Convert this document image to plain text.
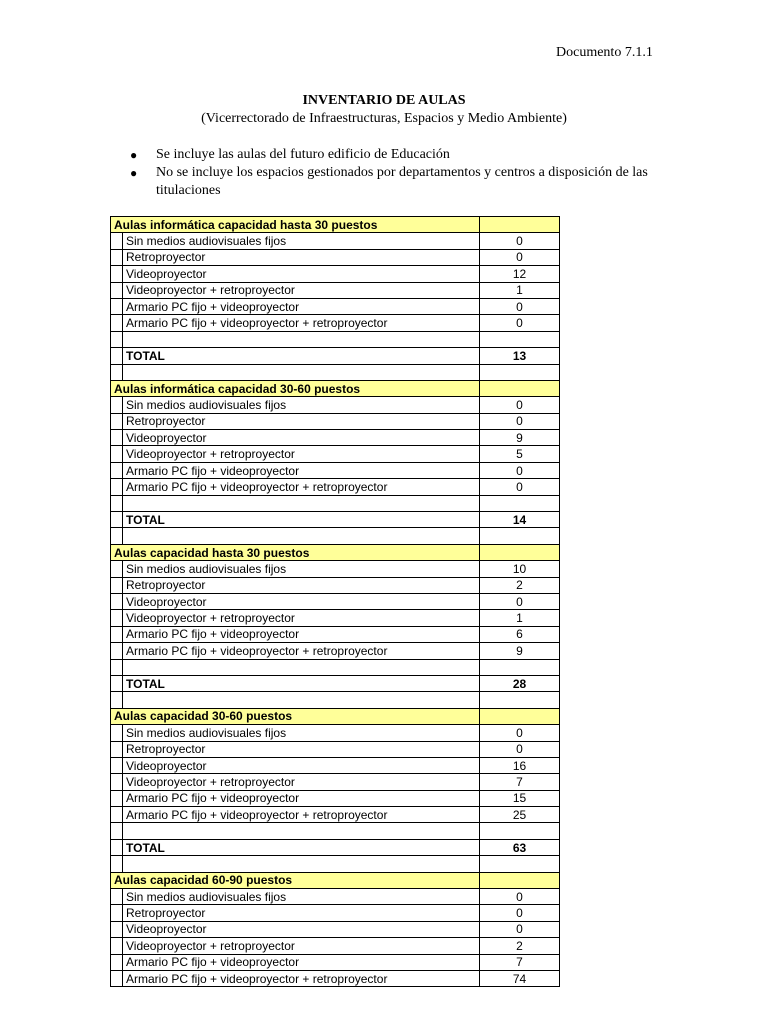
Documento 7.1.1
INVENTARIO DE AULAS
(Vicerrectorado de Infraestructuras, Espacios y Medio Ambiente)
●	Se incluye las aulas del futuro edificio de Educación
●	No se incluye los espacios gestionados por departamentos y centros a disposición de las titulaciones
Aulas informática capacidad hasta 30 puestos		
	Sin medios audiovisuales fijos	0
	Retroproyector	0
	Videoproyector	12
	Videoproyector + retroproyector	1
	Armario PC fijo + videoproyector	0
	Armario PC fijo + videoproyector + retroproyector	0

	TOTAL	13

Aulas informática capacidad 30-60 puestos		
	Sin medios audiovisuales fijos	0
	Retroproyector	0
	Videoproyector	9
	Videoproyector + retroproyector	5
	Armario PC fijo + videoproyector	0
	Armario PC fijo + videoproyector + retroproyector	0

	TOTAL	14

Aulas capacidad hasta 30 puestos		
	Sin medios audiovisuales fijos	10
	Retroproyector	2
	Videoproyector	0
	Videoproyector + retroproyector	1
	Armario PC fijo + videoproyector	6
	Armario PC fijo + videoproyector + retroproyector	9

	TOTAL	28

Aulas capacidad 30-60 puestos		
	Sin medios audiovisuales fijos	0
	Retroproyector	0
	Videoproyector	16
	Videoproyector + retroproyector	7
	Armario PC fijo + videoproyector	15
	Armario PC fijo + videoproyector + retroproyector	25

	TOTAL	63

Aulas capacidad 60-90 puestos		
	Sin medios audiovisuales fijos	0
	Retroproyector	0
	Videoproyector	0
	Videoproyector + retroproyector	2
	Armario PC fijo + videoproyector	7
	Armario PC fijo + videoproyector + retroproyector	74
